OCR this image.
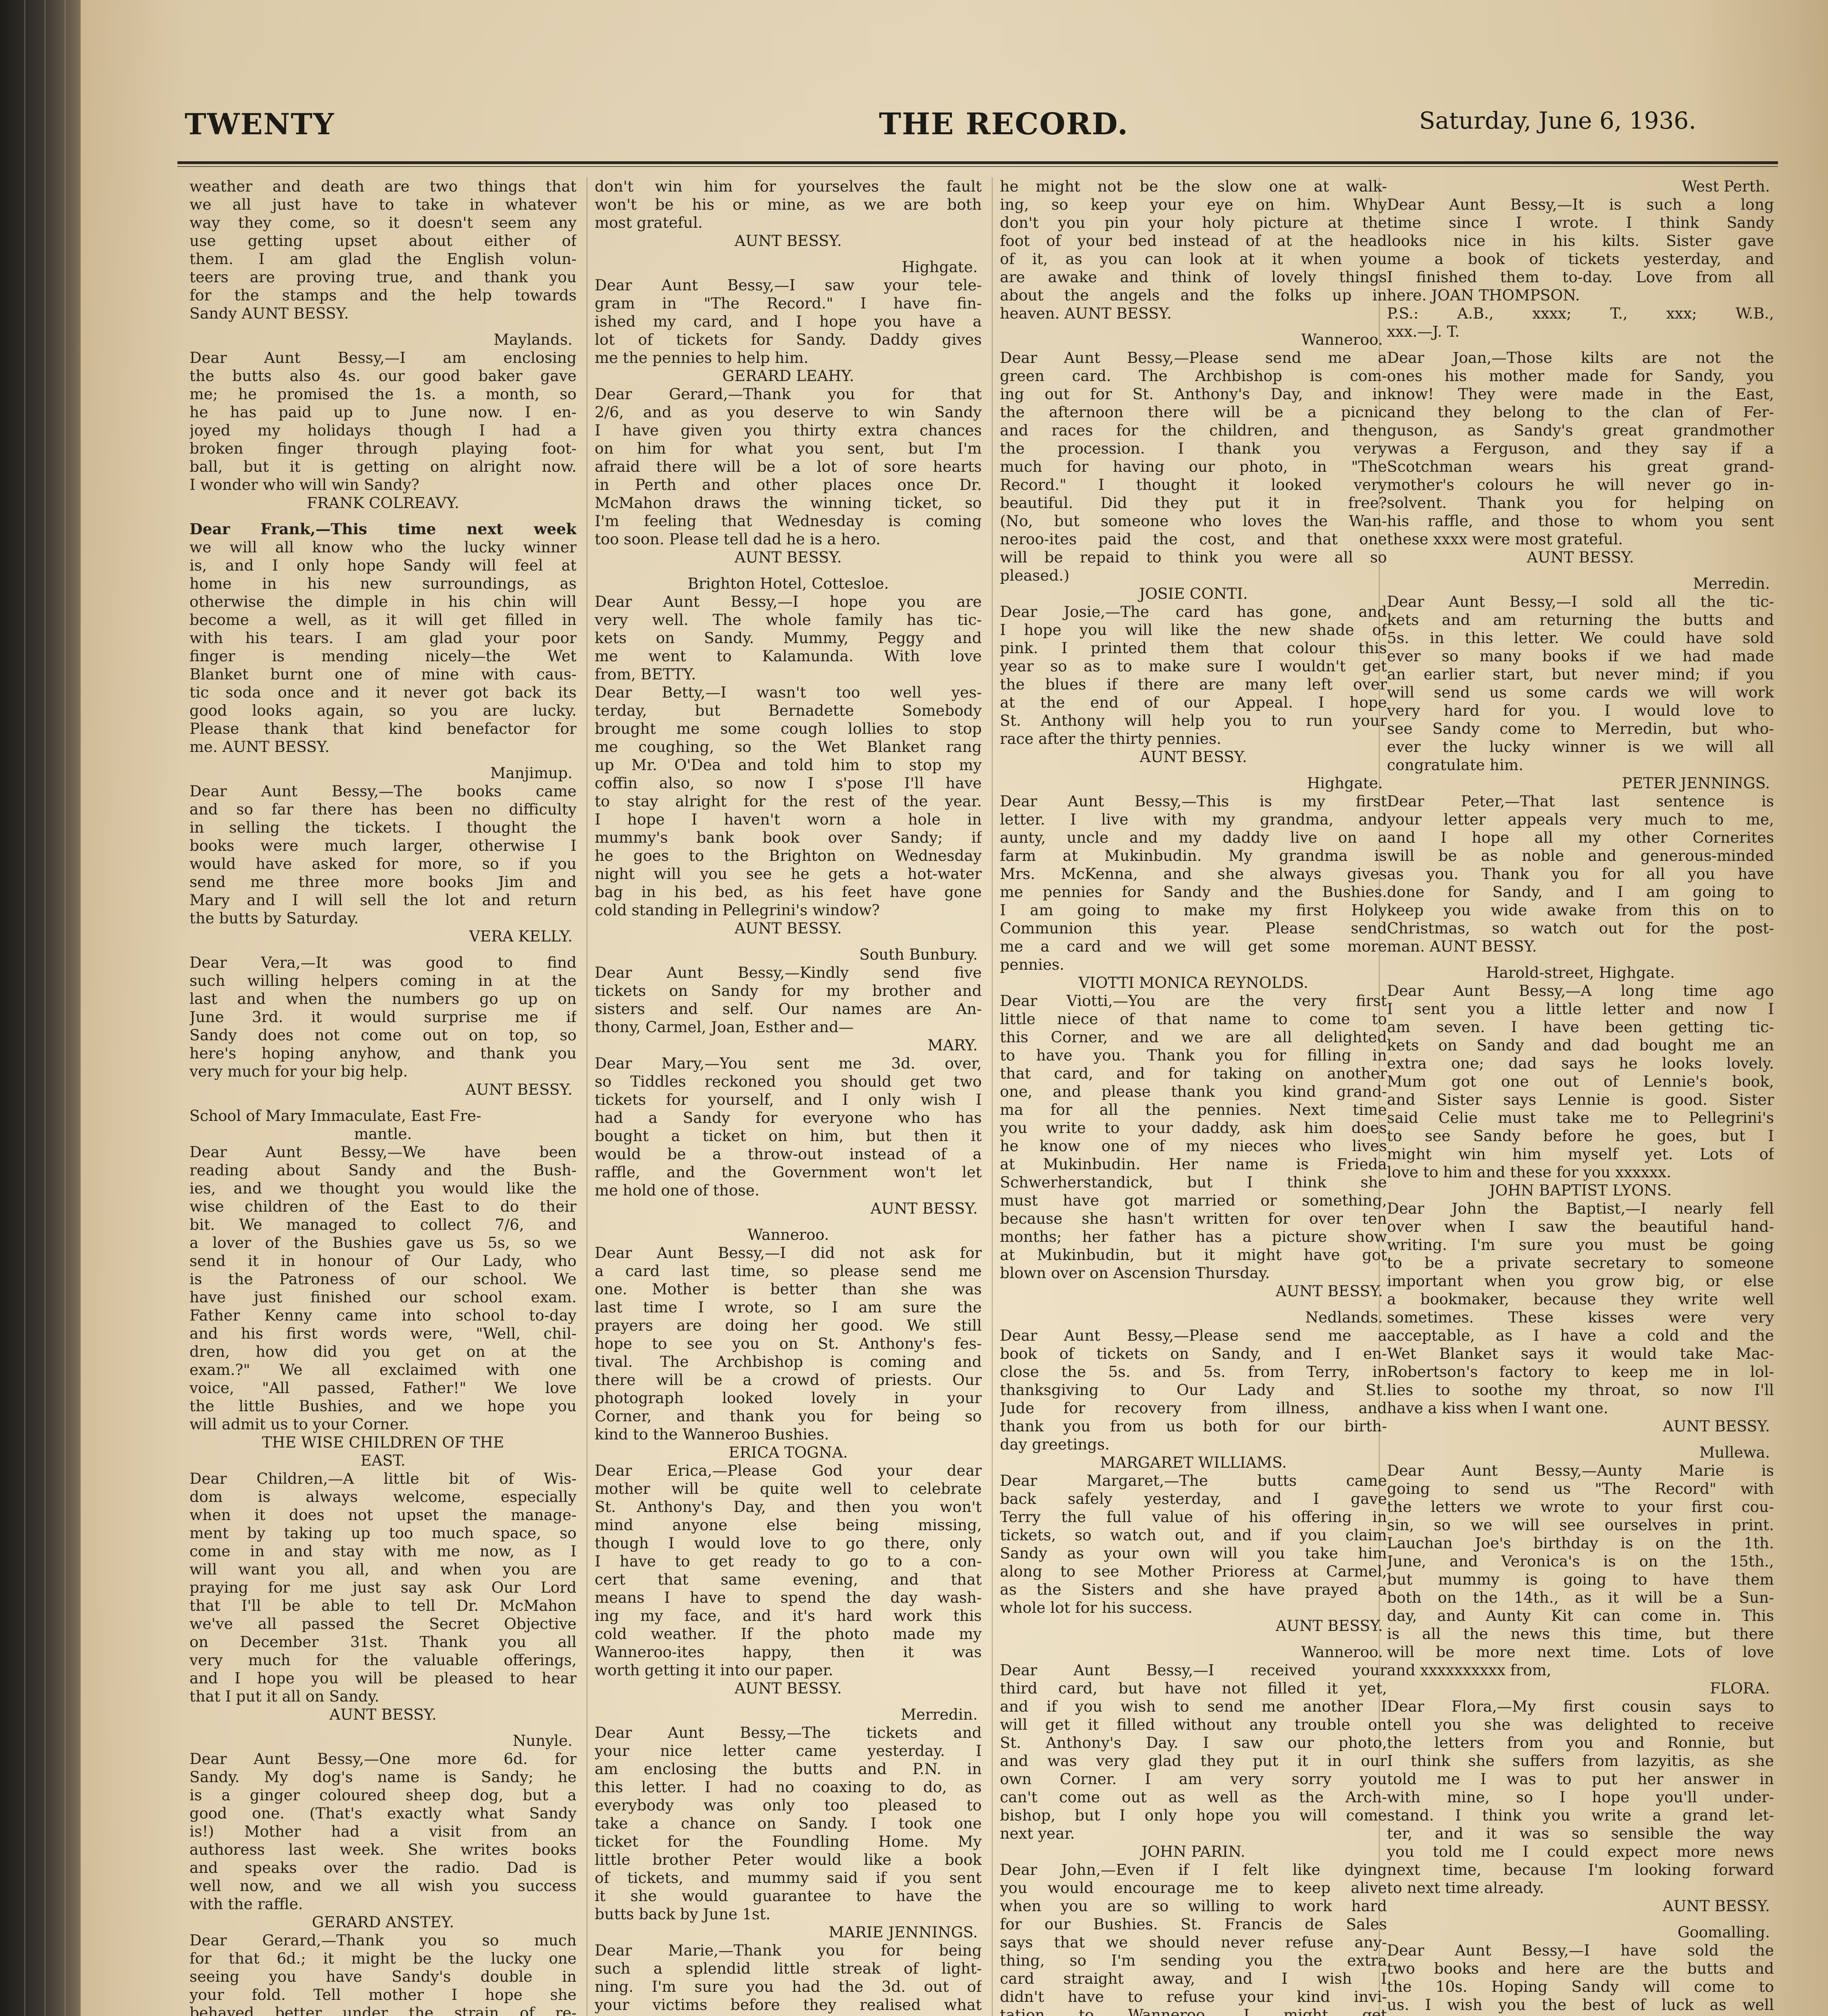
TWENTY	THE RECORD.	Saturday, June 6, 1936.
weather and death are two things that
we all just have to take in whatever
way they come, so it doesn't seem any
use getting upset about either of
them. I am glad the English volun-
teers are proving true, and thank you
for the stamps and the help towards
Sandy AUNT BESSY.
Maylands.
Dear Aunt Bessy,—I am enclosing
the butts also 4s. our good baker gave
me; he promised the 1s. a month, so
he has paid up to June now. I en-
joyed my holidays though I had a
broken finger through playing foot-
ball, but it is getting on alright now.
I wonder who will win Sandy?
FRANK COLREAVY.
Dear Frank,—This time next week
we will all know who the lucky winner
is, and I only hope Sandy will feel at
home in his new surroundings, as
otherwise the dimple in his chin will
become a well, as it will get filled in
with his tears. I am glad your poor
finger is mending nicely—the Wet
Blanket burnt one of mine with caus-
tic soda once and it never got back its
good looks again, so you are lucky.
Please thank that kind benefactor for
me. AUNT BESSY.
Manjimup.
Dear Aunt Bessy,—The books came
and so far there has been no difficulty
in selling the tickets. I thought the
books were much larger, otherwise I
would have asked for more, so if you
send me three more books Jim and
Mary and I will sell the lot and return
the butts by Saturday.
VERA KELLY.
Dear Vera,—It was good to find
such willing helpers coming in at the
last and when the numbers go up on
June 3rd. it would surprise me if
Sandy does not come out on top, so
here's hoping anyhow, and thank you
very much for your big help.
AUNT BESSY.
School of Mary Immaculate, East Fre-
mantle.
Dear Aunt Bessy,—We have been
reading about Sandy and the Bush-
ies, and we thought you would like the
wise children of the East to do their
bit. We managed to collect 7/6, and
a lover of the Bushies gave us 5s, so we
send it in honour of Our Lady, who
is the Patroness of our school. We
have just finished our school exam.
Father Kenny came into school to-day
and his first words were, "Well, chil-
dren, how did you get on at the
exam.?" We all exclaimed with one
voice, "All passed, Father!" We love
the little Bushies, and we hope you
will admit us to your Corner.
THE WISE CHILDREN OF THE
EAST.
Dear Children,—A little bit of Wis-
dom is always welcome, especially
when it does not upset the manage-
ment by taking up too much space, so
come in and stay with me now, as I
will want you all, and when you are
praying for me just say ask Our Lord
that I'll be able to tell Dr. McMahon
we've all passed the Secret Objective
on December 31st. Thank you all
very much for the valuable offerings,
and I hope you will be pleased to hear
that I put it all on Sandy.
AUNT BESSY.
Nunyle.
Dear Aunt Bessy,—One more 6d. for
Sandy. My dog's name is Sandy; he
is a ginger coloured sheep dog, but a
good one. (That's exactly what Sandy
is!) Mother had a visit from an
authoress last week. She writes books
and speaks over the radio. Dad is
well now, and we all wish you success
with the raffle.
GERARD ANSTEY.
Dear Gerard,—Thank you so much
for that 6d.; it might be the lucky one
seeing you have Sandy's double in
your fold. Tell mother I hope she
behaved better under the strain of re-
don't win him for yourselves the fault
won't be his or mine, as we are both
most grateful.
AUNT BESSY.
Highgate.
Dear Aunt Bessy,—I saw your tele-
gram in "The Record." I have fin-
ished my card, and I hope you have a
lot of tickets for Sandy. Daddy gives
me the pennies to help him.
GERARD LEAHY.
Dear Gerard,—Thank you for that
2/6, and as you deserve to win Sandy
I have given you thirty extra chances
on him for what you sent, but I'm
afraid there will be a lot of sore hearts
in Perth and other places once Dr.
McMahon draws the winning ticket, so
I'm feeling that Wednesday is coming
too soon. Please tell dad he is a hero.
AUNT BESSY.
Brighton Hotel, Cottesloe.
Dear Aunt Bessy,—I hope you are
very well. The whole family has tic-
kets on Sandy. Mummy, Peggy and
me went to Kalamunda. With love
from, BETTY.
Dear Betty,—I wasn't too well yes-
terday, but Bernadette Somebody
brought me some cough lollies to stop
me coughing, so the Wet Blanket rang
up Mr. O'Dea and told him to stop my
coffin also, so now I s'pose I'll have
to stay alright for the rest of the year.
I hope I haven't worn a hole in
mummy's bank book over Sandy; if
he goes to the Brighton on Wednesday
night will you see he gets a hot-water
bag in his bed, as his feet have gone
cold standing in Pellegrini's window?
AUNT BESSY.
South Bunbury.
Dear Aunt Bessy,—Kindly send five
tickets on Sandy for my brother and
sisters and self. Our names are An-
thony, Carmel, Joan, Esther and—
MARY.
Dear Mary,—You sent me 3d. over,
so Tiddles reckoned you should get two
tickets for yourself, and I only wish I
had a Sandy for everyone who has
bought a ticket on him, but then it
would be a throw-out instead of a
raffle, and the Government won't let
me hold one of those.
AUNT BESSY.
Wanneroo.
Dear Aunt Bessy,—I did not ask for
a card last time, so please send me
one. Mother is better than she was
last time I wrote, so I am sure the
prayers are doing her good. We still
hope to see you on St. Anthony's fes-
tival. The Archbishop is coming and
there will be a crowd of priests. Our
photograph looked lovely in your
Corner, and thank you for being so
kind to the Wanneroo Bushies.
ERICA TOGNA.
Dear Erica,—Please God your dear
mother will be quite well to celebrate
St. Anthony's Day, and then you won't
mind anyone else being missing,
though I would love to go there, only
I have to get ready to go to a con-
cert that same evening, and that
means I have to spend the day wash-
ing my face, and it's hard work this
cold weather. If the photo made my
Wanneroo-ites happy, then it was
worth getting it into our paper.
AUNT BESSY.
Merredin.
Dear Aunt Bessy,—The tickets and
your nice letter came yesterday. I
am enclosing the butts and P.N. in
this letter. I had no coaxing to do, as
everybody was only too pleased to
take a chance on Sandy. I took one
ticket for the Foundling Home. My
little brother Peter would like a book
of tickets, and mummy said if you sent
it she would guarantee to have the
butts back by June 1st.
MARIE JENNINGS.
Dear Marie,—Thank you for being
such a splendid little streak of light-
ning. I'm sure you had the 3d. out of
your victims before they realised what
he might not be the slow one at walk-
ing, so keep your eye on him. Why
don't you pin your holy picture at the
foot of your bed instead of at the head
of it, as you can look at it when you
are awake and think of lovely things
about the angels and the folks up in
heaven. AUNT BESSY.
Wanneroo.
Dear Aunt Bessy,—Please send me a
green card. The Archbishop is com-
ing out for St. Anthony's Day, and in
the afternoon there will be a picnic
and races for the children, and then
the procession. I thank you very
much for having our photo, in "The
Record." I thought it looked very
beautiful. Did they put it in free?
(No, but someone who loves the Wan-
neroo-ites paid the cost, and that one
will be repaid to think you were all so
pleased.)
JOSIE CONTI.
Dear Josie,—The card has gone, and
I hope you will like the new shade of
pink. I printed them that colour this
year so as to make sure I wouldn't get
the blues if there are many left over
at the end of our Appeal. I hope
St. Anthony will help you to run your
race after the thirty pennies.
AUNT BESSY.
Highgate.
Dear Aunt Bessy,—This is my first
letter. I live with my grandma, and
aunty, uncle and my daddy live on a
farm at Mukinbudin. My grandma is
Mrs. McKenna, and she always gives
me pennies for Sandy and the Bushies.
I am going to make my first Holy
Communion this year. Please send
me a card and we will get some more
pennies.
VIOTTI MONICA REYNOLDS.
Dear Viotti,—You are the very first
little niece of that name to come to
this Corner, and we are all delighted
to have you. Thank you for filling in
that card, and for taking on another
one, and please thank you kind grand-
ma for all the pennies. Next time
you write to your daddy, ask him does
he know one of my nieces who lives
at Mukinbudin. Her name is Frieda
Schwerherstandick, but I think she
must have got married or something,
because she hasn't written for over ten
months; her father has a picture show
at Mukinbudin, but it might have got
blown over on Ascension Thursday.
AUNT BESSY.
Nedlands.
Dear Aunt Bessy,—Please send me a
book of tickets on Sandy, and I en-
close the 5s. and 5s. from Terry, in
thanksgiving to Our Lady and St.
Jude for recovery from illness, and
thank you from us both for our birth-
day greetings.
MARGARET WILLIAMS.
Dear Margaret,—The butts came
back safely yesterday, and I gave
Terry the full value of his offering in
tickets, so watch out, and if you claim
Sandy as your own will you take him
along to see Mother Prioress at Carmel,
as the Sisters and she have prayed a
whole lot for his success.
AUNT BESSY.
Wanneroo.
Dear Aunt Bessy,—I received your
third card, but have not filled it yet,
and if you wish to send me another I
will get it filled without any trouble on
St. Anthony's Day. I saw our photo,
and was very glad they put it in our
own Corner. I am very sorry you
can't come out as well as the Arch-
bishop, but I only hope you will come
next year.
JOHN PARIN.
Dear John,—Even if I felt like dying
you would encourage me to keep alive
when you are so willing to work hard
for our Bushies. St. Francis de Sales
says that we should never refuse any-
thing, so I'm sending you the extra
card straight away, and I wish I
didn't have to refuse your kind invi-
tation to Wanneroo. I might get
West Perth.
Dear Aunt Bessy,—It is such a long
time since I wrote. I think Sandy
looks nice in his kilts. Sister gave
me a book of tickets yesterday, and
I finished them to-day. Love from all
here. JOAN THOMPSON.
P.S.: A.B., xxxx; T., xxx; W.B.,
xxx.—J. T.
Dear Joan,—Those kilts are not the
ones his mother made for Sandy, you
know! They were made in the East,
and they belong to the clan of Fer-
guson, as Sandy's great grandmother
was a Ferguson, and they say if a
Scotchman wears his great grand-
mother's colours he will never go in-
solvent. Thank you for helping on
his raffle, and those to whom you sent
these xxxx were most grateful.
AUNT BESSY.
Merredin.
Dear Aunt Bessy,—I sold all the tic-
kets and am returning the butts and
5s. in this letter. We could have sold
ever so many books if we had made
an earlier start, but never mind; if you
will send us some cards we will work
very hard for you. I would love to
see Sandy come to Merredin, but who-
ever the lucky winner is we will all
congratulate him.
PETER JENNINGS.
Dear Peter,—That last sentence is
your letter appeals very much to me,
and I hope all my other Cornerites
will be as noble and generous-minded
as you. Thank you for all you have
done for Sandy, and I am going to
keep you wide awake from this on to
Christmas, so watch out for the post-
man. AUNT BESSY.
Harold-street, Highgate.
Dear Aunt Bessy,—A long time ago
I sent you a little letter and now I
am seven. I have been getting tic-
kets on Sandy and dad bought me an
extra one; dad says he looks lovely.
Mum got one out of Lennie's book,
and Sister says Lennie is good. Sister
said Celie must take me to Pellegrini's
to see Sandy before he goes, but I
might win him myself yet. Lots of
love to him and these for you xxxxxx.
JOHN BAPTIST LYONS.
Dear John the Baptist,—I nearly fell
over when I saw the beautiful hand-
writing. I'm sure you must be going
to be a private secretary to someone
important when you grow big, or else
a bookmaker, because they write well
sometimes. These kisses were very
acceptable, as I have a cold and the
Wet Blanket says it would take Mac-
Robertson's factory to keep me in lol-
lies to soothe my throat, so now I'll
have a kiss when I want one.
AUNT BESSY.
Mullewa.
Dear Aunt Bessy,—Aunty Marie is
going to send us "The Record" with
the letters we wrote to your first cou-
sin, so we will see ourselves in print.
Lauchan Joe's birthday is on the 1th.
June, and Veronica's is on the 15th.,
but mummy is going to have them
both on the 14th., as it will be a Sun-
day, and Aunty Kit can come in. This
is all the news this time, but there
will be more next time. Lots of love
and xxxxxxxxxx from,
FLORA.
Dear Flora,—My first cousin says to
tell you she was delighted to receive
the letters from you and Ronnie, but
I think she suffers from lazyitis, as she
told me I was to put her answer in
with mine, so I hope you'll under-
stand. I think you write a grand let-
ter, and it was so sensible the way
you told me I could expect more news
next time, because I'm looking forward
to next time already.
AUNT BESSY.
Goomalling.
Dear Aunt Bessy,—I have sold the
two books and here are the butts and
the 10s. Hoping Sandy will come to
us. I wish you the best of luck as well
